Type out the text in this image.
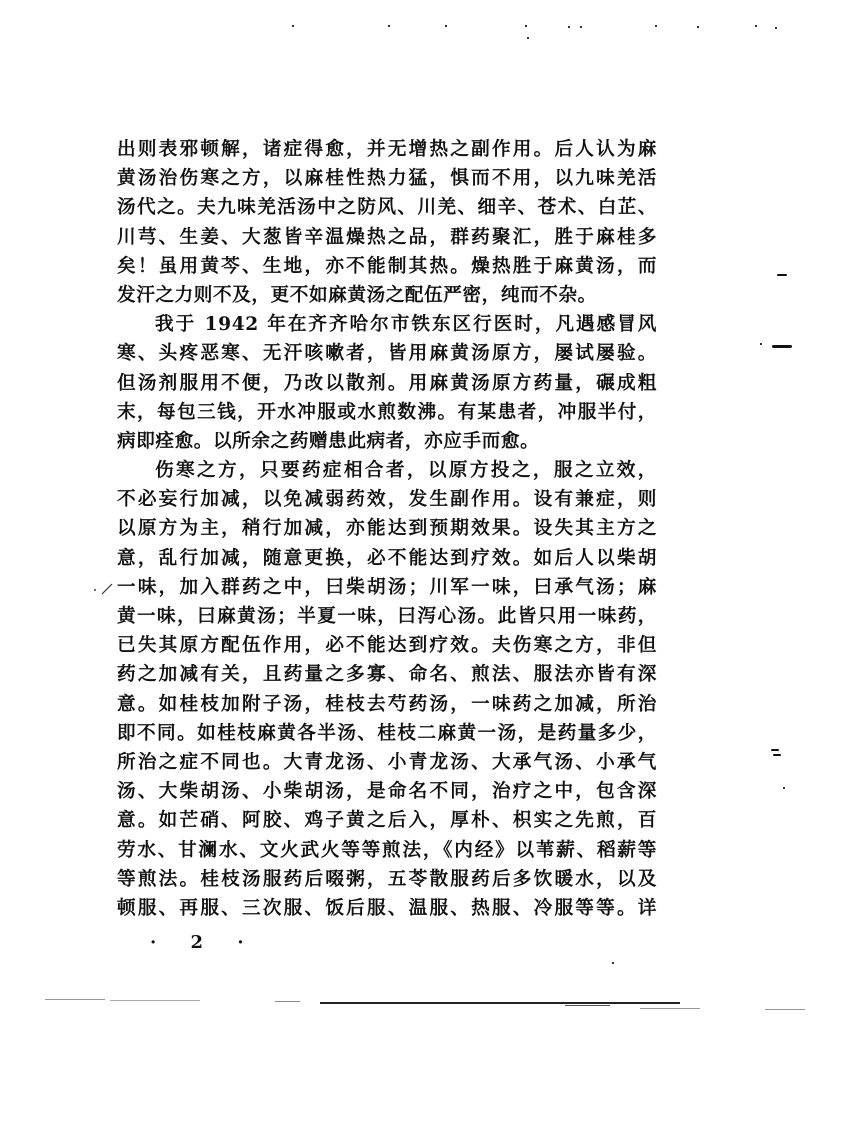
出则表邪顿解，诸症得愈，并无增热之副作用。后人认为麻
黄汤治伤寒之方，以麻桂性热力猛，惧而不用，以九味羌活
汤代之。夫九味羌活汤中之防风、川羌、细辛、苍术、白芷、
川芎、生姜、大葱皆辛温燥热之品，群药聚汇，胜于麻桂多
矣！虽用黄芩、生地，亦不能制其热。燥热胜于麻黄汤，而
发汗之力则不及，更不如麻黄汤之配伍严密，纯而不杂。
我于 1942 年在齐齐哈尔市铁东区行医时，凡遇感冒风
寒、头疼恶寒、无汗咳嗽者，皆用麻黄汤原方，屡试屡验。
但汤剂服用不便，乃改以散剂。用麻黄汤原方药量，碾成粗
末，每包三钱，开水冲服或水煎数沸。有某患者，冲服半付，
病即痊愈。以所余之药赠患此病者，亦应手而愈。
伤寒之方，只要药症相合者，以原方投之，服之立效，
不必妄行加减，以免减弱药效，发生副作用。设有兼症，则
以原方为主，稍行加减，亦能达到预期效果。设失其主方之
意，乱行加减，随意更换，必不能达到疗效。如后人以柴胡
一味，加入群药之中，曰柴胡汤；川军一味，曰承气汤；麻
黄一味，曰麻黄汤；半夏一味，曰泻心汤。此皆只用一味药，
已失其原方配伍作用，必不能达到疗效。夫伤寒之方，非但
药之加减有关，且药量之多寡、命名、煎法、服法亦皆有深
意。如桂枝加附子汤，桂枝去芍药汤，一味药之加减，所治
即不同。如桂枝麻黄各半汤、桂枝二麻黄一汤，是药量多少，
所治之症不同也。大青龙汤、小青龙汤、大承气汤、小承气
汤、大柴胡汤、小柴胡汤，是命名不同，治疗之中，包含深
意。如芒硝、阿胶、鸡子黄之后入，厚朴、枳实之先煎，百
劳水、甘澜水、文火武火等等煎法，《内经》以苇薪、稻薪等
等煎法。桂枝汤服药后啜粥，五苓散服药后多饮暖水，以及
顿服、再服、三次服、饭后服、温服、热服、冷服等等。详
· 2 ·
